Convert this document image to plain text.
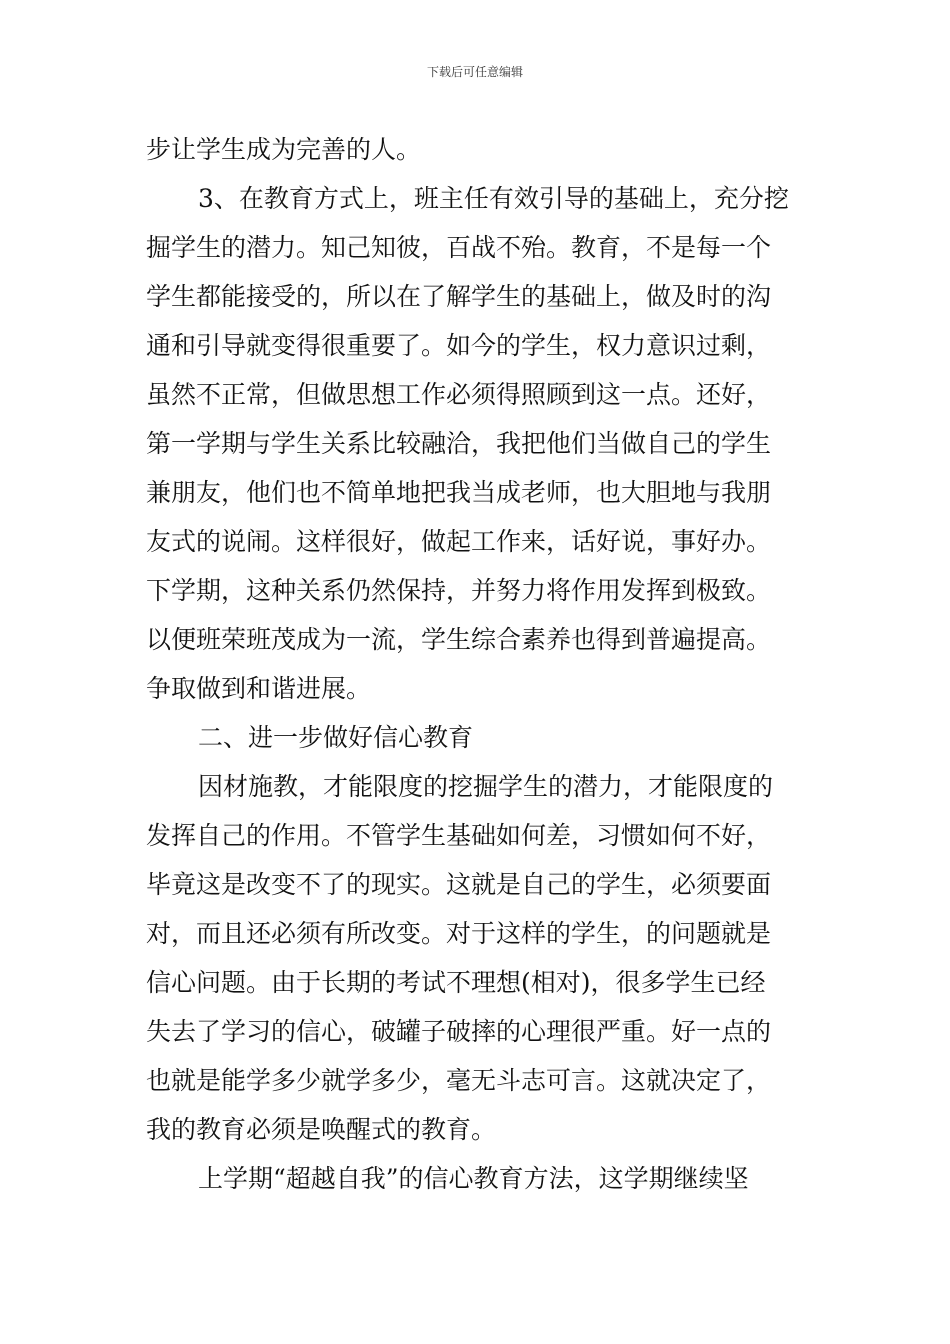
下载后可任意编辑
步让学生成为完善的人。
3、在教育方式上，班主任有效引导的基础上，充分挖
掘学生的潜力。知己知彼，百战不殆。教育，不是每一个
学生都能接受的，所以在了解学生的基础上，做及时的沟
通和引导就变得很重要了。如今的学生，权力意识过剩，
虽然不正常，但做思想工作必须得照顾到这一点。还好，
第一学期与学生关系比较融洽，我把他们当做自己的学生
兼朋友，他们也不简单地把我当成老师，也大胆地与我朋
友式的说闹。这样很好，做起工作来，话好说，事好办。
下学期，这种关系仍然保持，并努力将作用发挥到极致。
以便班荣班茂成为一流，学生综合素养也得到普遍提高。
争取做到和谐进展。
二、进一步做好信心教育
因材施教，才能限度的挖掘学生的潜力，才能限度的
发挥自己的作用。不管学生基础如何差，习惯如何不好，
毕竟这是改变不了的现实。这就是自己的学生，必须要面
对，而且还必须有所改变。对于这样的学生，的问题就是
信心问题。由于长期的考试不理想(相对)，很多学生已经
失去了学习的信心，破罐子破摔的心理很严重。好一点的
也就是能学多少就学多少，毫无斗志可言。这就决定了，
我的教育必须是唤醒式的教育。
上学期“超越自我”的信心教育方法，这学期继续坚
